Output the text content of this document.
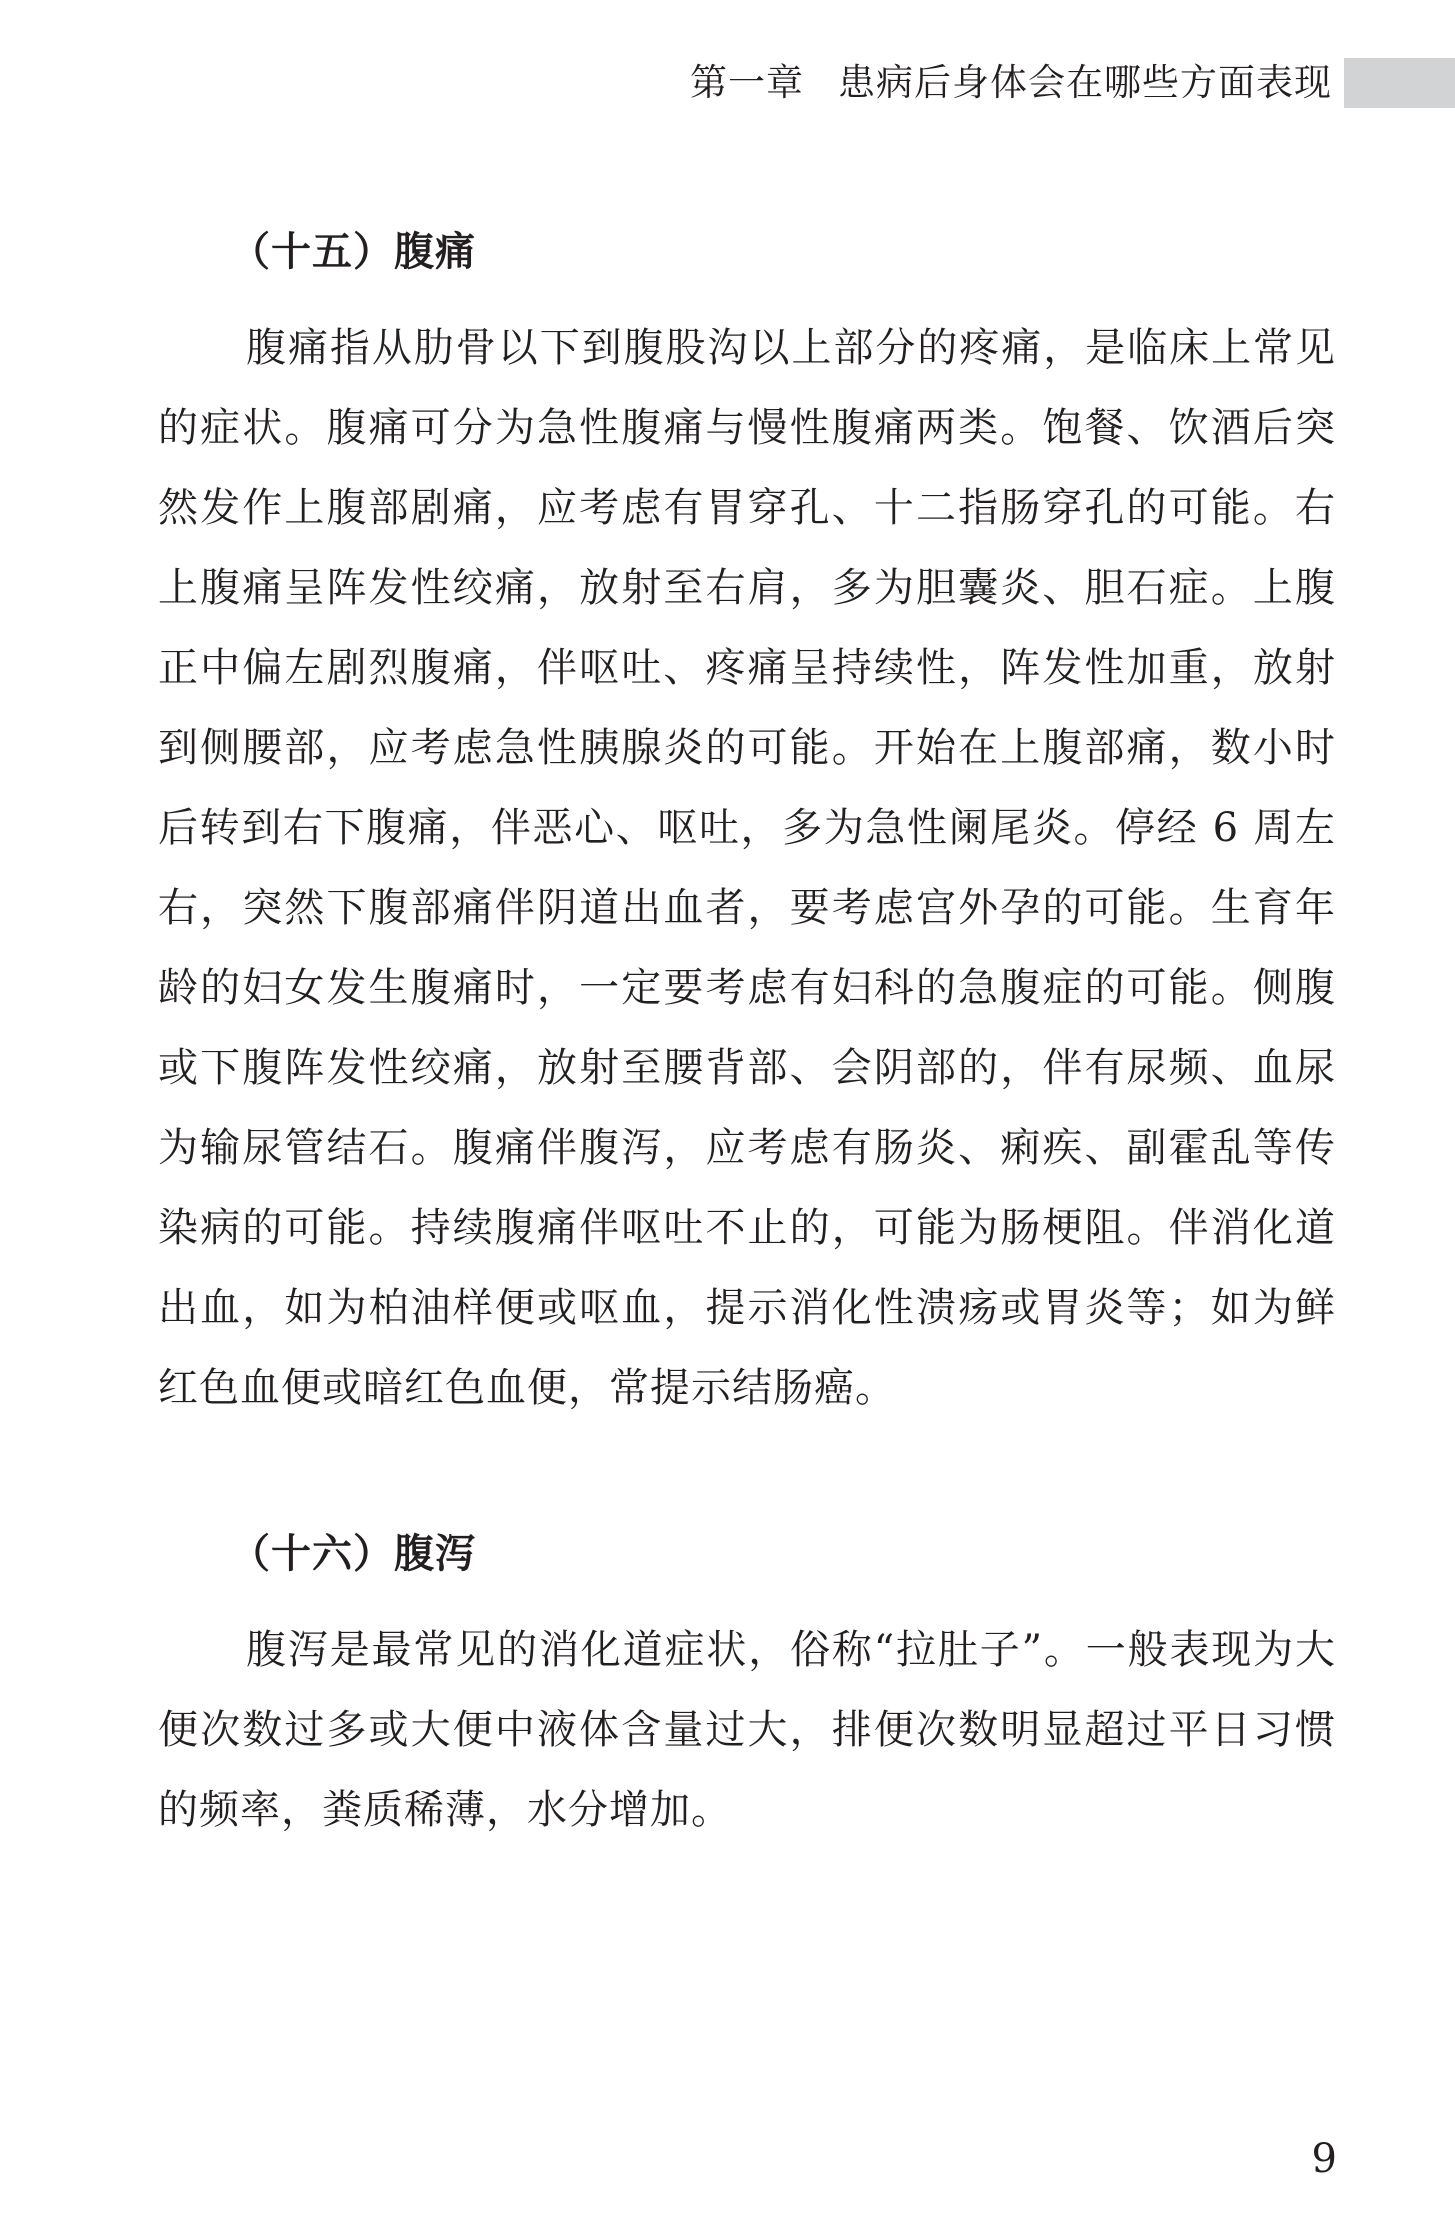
第一章 患病后身体会在哪些方面表现
（十五）腹痛

腹痛指从肋骨以下到腹股沟以上部分的疼痛，是临床上常见的症状。腹痛可分为急性腹痛与慢性腹痛两类。饱餐、饮酒后突然发作上腹部剧痛，应考虑有胃穿孔、十二指肠穿孔的可能。右上腹痛呈阵发性绞痛，放射至右肩，多为胆囊炎、胆石症。上腹正中偏左剧烈腹痛，伴呕吐、疼痛呈持续性，阵发性加重，放射到侧腰部，应考虑急性胰腺炎的可能。开始在上腹部痛，数小时后转到右下腹痛，伴恶心、呕吐，多为急性阑尾炎。停经 6 周左右，突然下腹部痛伴阴道出血者，要考虑宫外孕的可能。生育年龄的妇女发生腹痛时，一定要考虑有妇科的急腹症的可能。侧腹或下腹阵发性绞痛，放射至腰背部、会阴部的，伴有尿频、血尿为输尿管结石。腹痛伴腹泻，应考虑有肠炎、痢疾、副霍乱等传染病的可能。持续腹痛伴呕吐不止的，可能为肠梗阻。伴消化道出血，如为柏油样便或呕血，提示消化性溃疡或胃炎等；如为鲜红色血便或暗红色血便，常提示结肠癌。

（十六）腹泻

腹泻是最常见的消化道症状，俗称“拉肚子”。一般表现为大便次数过多或大便中液体含量过大，排便次数明显超过平日习惯的频率，粪质稀薄，水分增加。

9
